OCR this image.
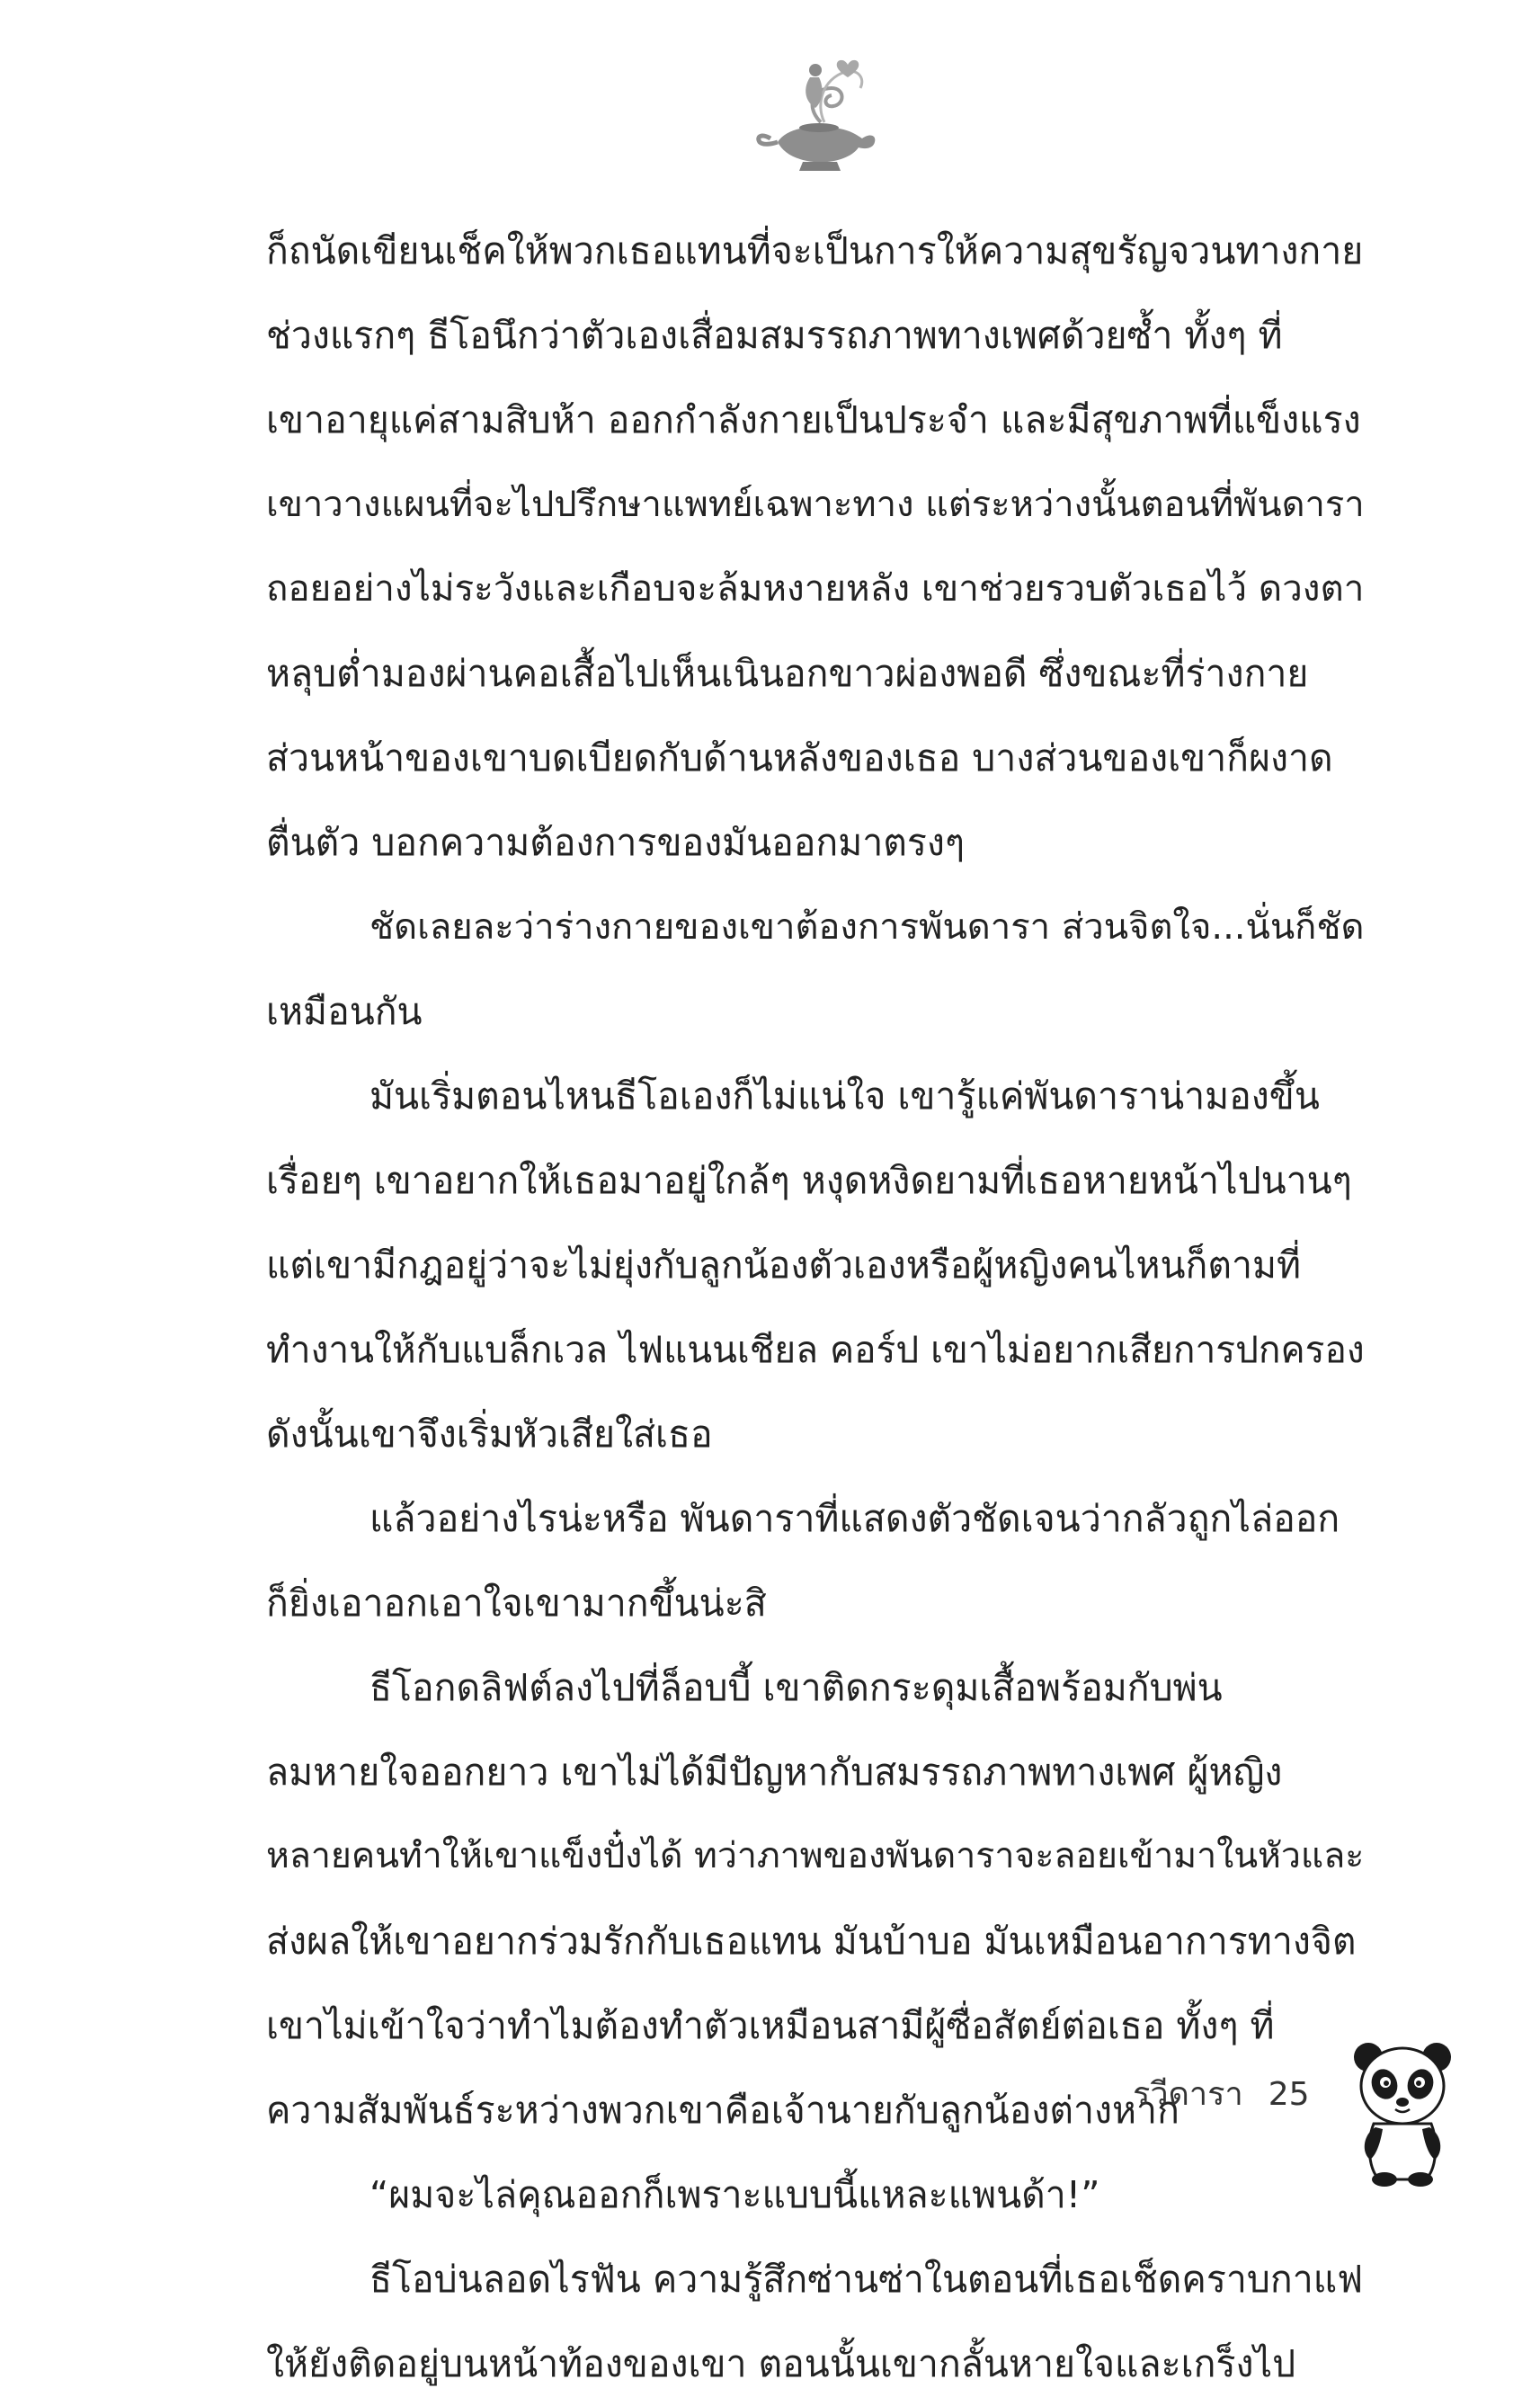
ก็ถนัดเขียนเช็คให้พวกเธอแทนที่จะเป็นการให้ความสุขรัญจวนทางกาย
ช่วงแรกๆ ธีโอนึกว่าตัวเองเสื่อมสมรรถภาพทางเพศด้วยซ้ำ ทั้งๆ ที่
เขาอายุแค่สามสิบห้า ออกกำลังกายเป็นประจำ และมีสุขภาพที่แข็งแรง
เขาวางแผนที่จะไปปรึกษาแพทย์เฉพาะทาง แต่ระหว่างนั้นตอนที่พันดารา
ถอยอย่างไม่ระวังและเกือบจะล้มหงายหลัง เขาช่วยรวบตัวเธอไว้ ดวงตา
หลุบต่ำมองผ่านคอเสื้อไปเห็นเนินอกขาวผ่องพอดี ซึ่งขณะที่ร่างกาย
ส่วนหน้าของเขาบดเบียดกับด้านหลังของเธอ บางส่วนของเขาก็ผงาด
ตื่นตัว บอกความต้องการของมันออกมาตรงๆ
ชัดเลยละว่าร่างกายของเขาต้องการพันดารา ส่วนจิตใจ...นั่นก็ชัด
เหมือนกัน
มันเริ่มตอนไหนธีโอเองก็ไม่แน่ใจ เขารู้แค่พันดาราน่ามองขึ้น
เรื่อยๆ เขาอยากให้เธอมาอยู่ใกล้ๆ หงุดหงิดยามที่เธอหายหน้าไปนานๆ
แต่เขามีกฎอยู่ว่าจะไม่ยุ่งกับลูกน้องตัวเองหรือผู้หญิงคนไหนก็ตามที่
ทำงานให้กับแบล็กเวล ไฟแนนเชียล คอร์ป เขาไม่อยากเสียการปกครอง
ดังนั้นเขาจึงเริ่มหัวเสียใส่เธอ
แล้วอย่างไรน่ะหรือ พันดาราที่แสดงตัวชัดเจนว่ากลัวถูกไล่ออก
ก็ยิ่งเอาอกเอาใจเขามากขึ้นน่ะสิ
ธีโอกดลิฟต์ลงไปที่ล็อบบี้ เขาติดกระดุมเสื้อพร้อมกับพ่น
ลมหายใจออกยาว เขาไม่ได้มีปัญหากับสมรรถภาพทางเพศ ผู้หญิง
หลายคนทำให้เขาแข็งปั๋งได้ ทว่าภาพของพันดาราจะลอยเข้ามาในหัวและ
ส่งผลให้เขาอยากร่วมรักกับเธอแทน มันบ้าบอ มันเหมือนอาการทางจิต
เขาไม่เข้าใจว่าทำไมต้องทำตัวเหมือนสามีผู้ซื่อสัตย์ต่อเธอ ทั้งๆ ที่
ความสัมพันธ์ระหว่างพวกเขาคือเจ้านายกับลูกน้องต่างหาก
“ผมจะไล่คุณออกก็เพราะแบบนี้แหละแพนด้า!”
ธีโอบ่นลอดไรฟัน ความรู้สึกซ่านซ่าในตอนที่เธอเช็ดคราบกาแฟ
ให้ยังติดอยู่บนหน้าท้องของเขา ตอนนั้นเขากลั้นหายใจและเกร็งไป
รวีดารา 25
